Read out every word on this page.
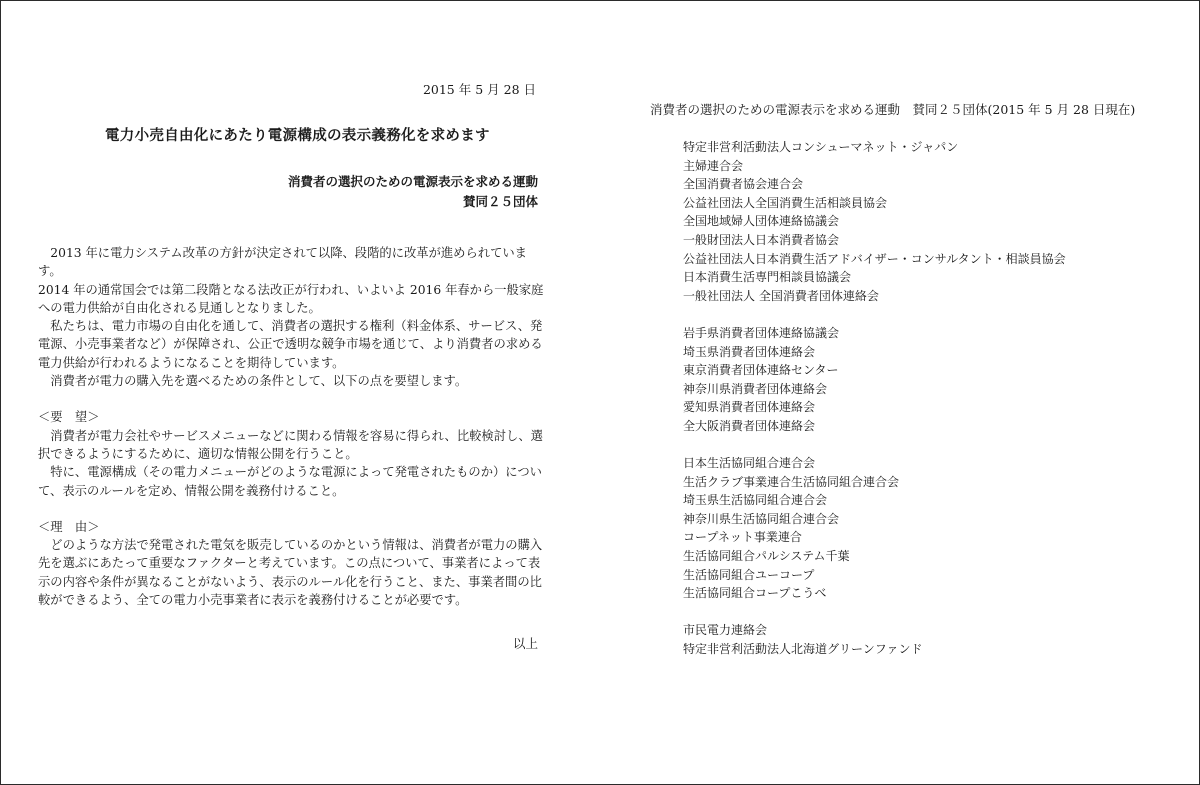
2015 年 5 月 28 日
電力小売自由化にあたり電源構成の表示義務化を求めます
消費者の選択のための電源表示を求める運動
賛同２５団体

　2013 年に電力システム改革の方針が決定されて以降、段階的に改革が進められています。

2014 年の通常国会では第二段階となる法改正が行われ、いよいよ 2016 年春から一般家庭

への電力供給が自由化される見通しとなりました。

　私たちは、電力市場の自由化を通して、消費者の選択する権利（料金体系、サービス、発

電源、小売事業者など）が保障され、公正で透明な競争市場を通じて、より消費者の求める

電力供給が行われるようになることを期待しています。

　消費者が電力の購入先を選べるための条件として、以下の点を要望します。

＜要　望＞

　消費者が電力会社やサービスメニューなどに関わる情報を容易に得られ、比較検討し、選

択できるようにするために、適切な情報公開を行うこと。

　特に、電源構成（その電力メニューがどのような電源によって発電されたものか）につい

て、表示のルールを定め、情報公開を義務付けること。

＜理　由＞

　どのような方法で発電された電気を販売しているのかという情報は、消費者が電力の購入

先を選ぶにあたって重要なファクターと考えています。この点について、事業者によって表

示の内容や条件が異なることがないよう、表示のルール化を行うこと、また、事業者間の比

較ができるよう、全ての電力小売事業者に表示を義務付けることが必要です。

以上
消費者の選択のための電源表示を求める運動　賛同２５団体(2015 年 5 月 28 日現在)
特定非営利活動法人コンシューマネット・ジャパン
主婦連合会
全国消費者協会連合会
公益社団法人全国消費生活相談員協会
全国地域婦人団体連絡協議会
一般財団法人日本消費者協会
公益社団法人日本消費生活アドバイザー・コンサルタント・相談員協会
日本消費生活専門相談員協議会
一般社団法人 全国消費者団体連絡会
岩手県消費者団体連絡協議会
埼玉県消費者団体連絡会
東京消費者団体連絡センター
神奈川県消費者団体連絡会
愛知県消費者団体連絡会
全大阪消費者団体連絡会
日本生活協同組合連合会
生活クラブ事業連合生活協同組合連合会
埼玉県生活協同組合連合会
神奈川県生活協同組合連合会
コープネット事業連合
生活協同組合パルシステム千葉
生活協同組合ユーコープ
生活協同組合コープこうべ
市民電力連絡会
特定非営利活動法人北海道グリーンファンド
